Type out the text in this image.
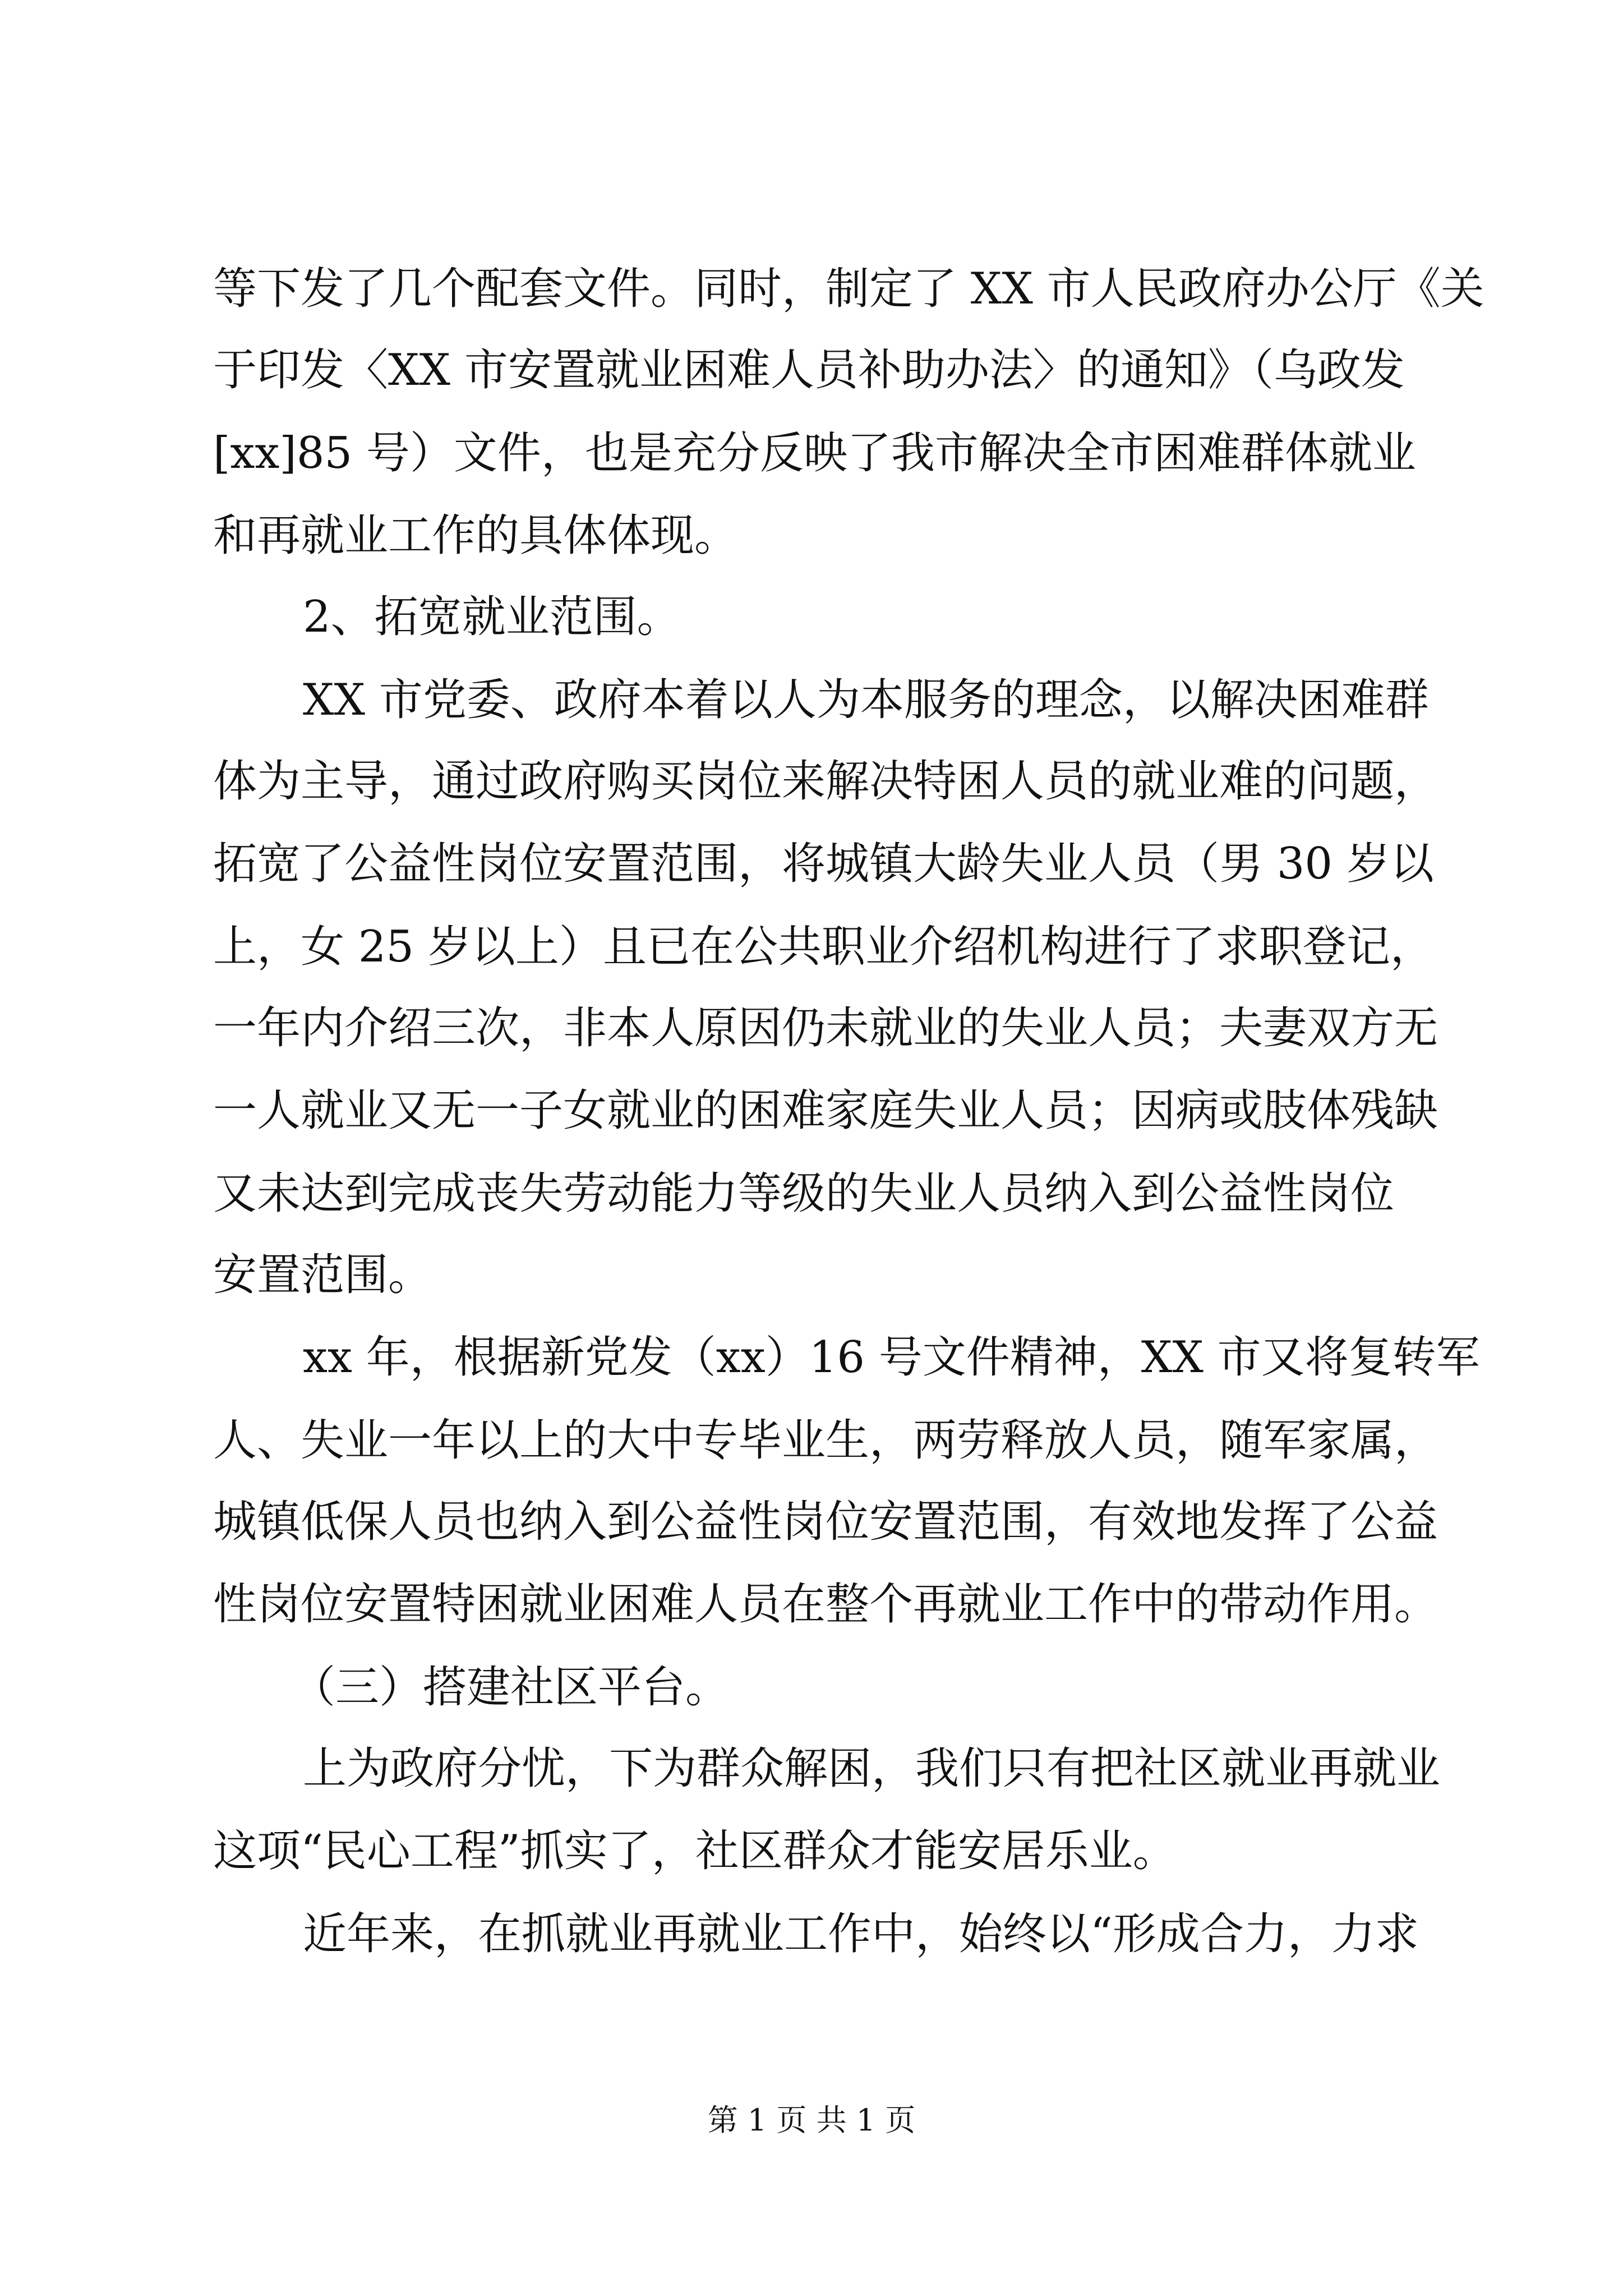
等下发了几个配套文件。同时，制定了 XX 市人民政府办公厅《关
于印发〈XX 市安置就业困难人员补助办法〉的通知》（乌政发
[xx]85 号）文件，也是充分反映了我市解决全市困难群体就业
和再就业工作的具体体现。
2、拓宽就业范围。
XX 市党委、政府本着以人为本服务的理念，以解决困难群
体为主导，通过政府购买岗位来解决特困人员的就业难的问题，
拓宽了公益性岗位安置范围，将城镇大龄失业人员（男 30 岁以
上，女 25 岁以上）且已在公共职业介绍机构进行了求职登记，
一年内介绍三次，非本人原因仍未就业的失业人员；夫妻双方无
一人就业又无一子女就业的困难家庭失业人员；因病或肢体残缺
又未达到完成丧失劳动能力等级的失业人员纳入到公益性岗位
安置范围。
xx 年，根据新党发（xx）16 号文件精神，XX 市又将复转军
人、失业一年以上的大中专毕业生，两劳释放人员，随军家属，
城镇低保人员也纳入到公益性岗位安置范围，有效地发挥了公益
性岗位安置特困就业困难人员在整个再就业工作中的带动作用。
（三）搭建社区平台。
上为政府分忧，下为群众解困，我们只有把社区就业再就业
这项“民心工程”抓实了，社区群众才能安居乐业。
近年来，在抓就业再就业工作中，始终以“形成合力，力求
第 1 页 共 1 页
